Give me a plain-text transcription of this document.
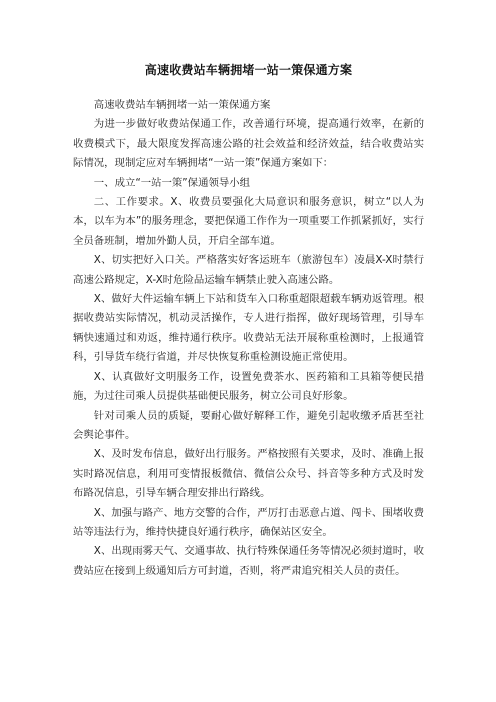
高速收费站车辆拥堵一站一策保通方案

高速收费站车辆拥堵一站一策保通方案

为进一步做好收费站保通工作，改善通行环境，提高通行效率，在新的收费模式下，最大限度发挥高速公路的社会效益和经济效益，结合收费站实际情况，现制定应对车辆拥堵“一站一策”保通方案如下：

一、成立“一站一策”保通领导小组

二、工作要求。X、收费员要强化大局意识和服务意识，树立“以人为本，以车为本”的服务理念，要把保通工作作为一项重要工作抓紧抓好，实行全员备班制，增加外勤人员，开启全部车道。

X、切实把好入口关。严格落实好客运班车（旅游包车）凌晨X-X时禁行高速公路规定，X-X时危险品运输车辆禁止驶入高速公路。

X、做好大件运输车辆上下站和货车入口称重超限超载车辆劝返管理。根据收费站实际情况，机动灵活操作，专人进行指挥，做好现场管理，引导车辆快速通过和劝返，维持通行秩序。收费站无法开展称重检测时，上报通管科，引导货车绕行省道，并尽快恢复称重检测设施正常使用。

X、认真做好文明服务工作，设置免费茶水、医药箱和工具箱等便民措施，为过往司乘人员提供基础便民服务，树立公司良好形象。

针对司乘人员的质疑，要耐心做好解释工作，避免引起收缴矛盾甚至社会舆论事件。

X、及时发布信息，做好出行服务。严格按照有关要求，及时、准确上报实时路况信息，利用可变情报板微信、微信公众号、抖音等多种方式及时发布路况信息，引导车辆合理安排出行路线。

X、加强与路产、地方交警的合作，严厉打击恶意占道、闯卡、围堵收费站等违法行为，维持快捷良好通行秩序，确保站区安全。

X、出现雨雾天气、交通事故、执行特殊保通任务等情况必须封道时，收费站应在接到上级通知后方可封道，否则，将严肃追究相关人员的责任。
